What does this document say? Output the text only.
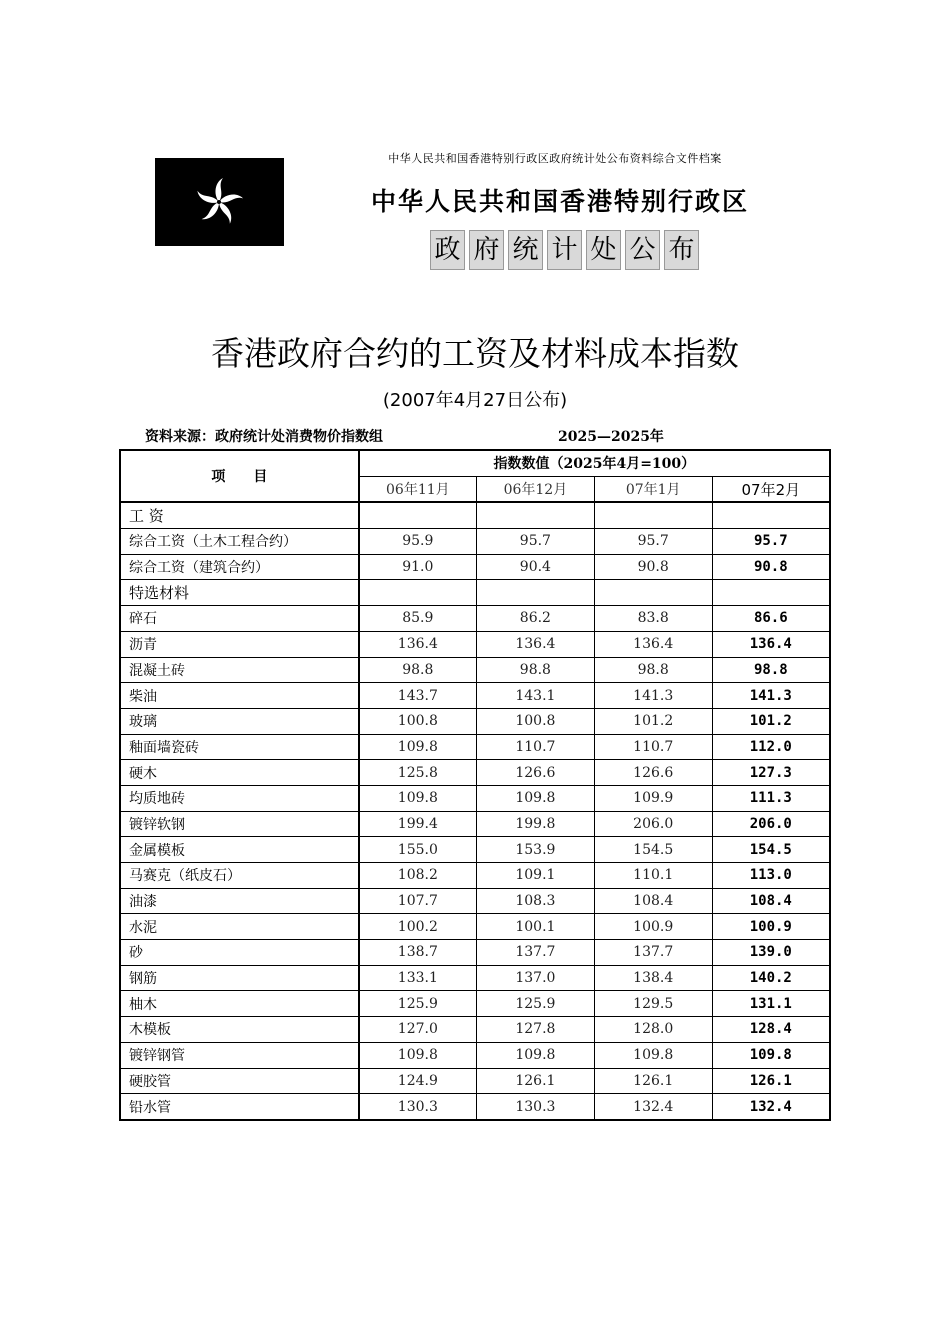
中华人民共和国香港特别行政区政府统计处公布资料综合文件档案
中华人民共和国香港特别行政区
政 府 统 计 处 公 布
香港政府合约的工资及材料成本指数
(2007年4月27日公布)
资料来源：政府统计处消费物价指数组	2025—2025年
项　　目	指数数值（2025年4月=100）			
	06年11月	06年12月	07年1月	07年2月
工 资				
综合工资（土木工程合约）	95.9	95.7	95.7	95.7
综合工资（建筑合约）	91.0	90.4	90.8	90.8
特选材料				
碎石	85.9	86.2	83.8	86.6
沥青	136.4	136.4	136.4	136.4
混凝土砖	98.8	98.8	98.8	98.8
柴油	143.7	143.1	141.3	141.3
玻璃	100.8	100.8	101.2	101.2
釉面墙瓷砖	109.8	110.7	110.7	112.0
硬木	125.8	126.6	126.6	127.3
均质地砖	109.8	109.8	109.9	111.3
镀锌软钢	199.4	199.8	206.0	206.0
金属模板	155.0	153.9	154.5	154.5
马赛克（纸皮石）	108.2	109.1	110.1	113.0
油漆	107.7	108.3	108.4	108.4
水泥	100.2	100.1	100.9	100.9
砂	138.7	137.7	137.7	139.0
钢筋	133.1	137.0	138.4	140.2
柚木	125.9	125.9	129.5	131.1
木模板	127.0	127.8	128.0	128.4
镀锌钢管	109.8	109.8	109.8	109.8
硬胶管	124.9	126.1	126.1	126.1
铅水管	130.3	130.3	132.4	132.4
